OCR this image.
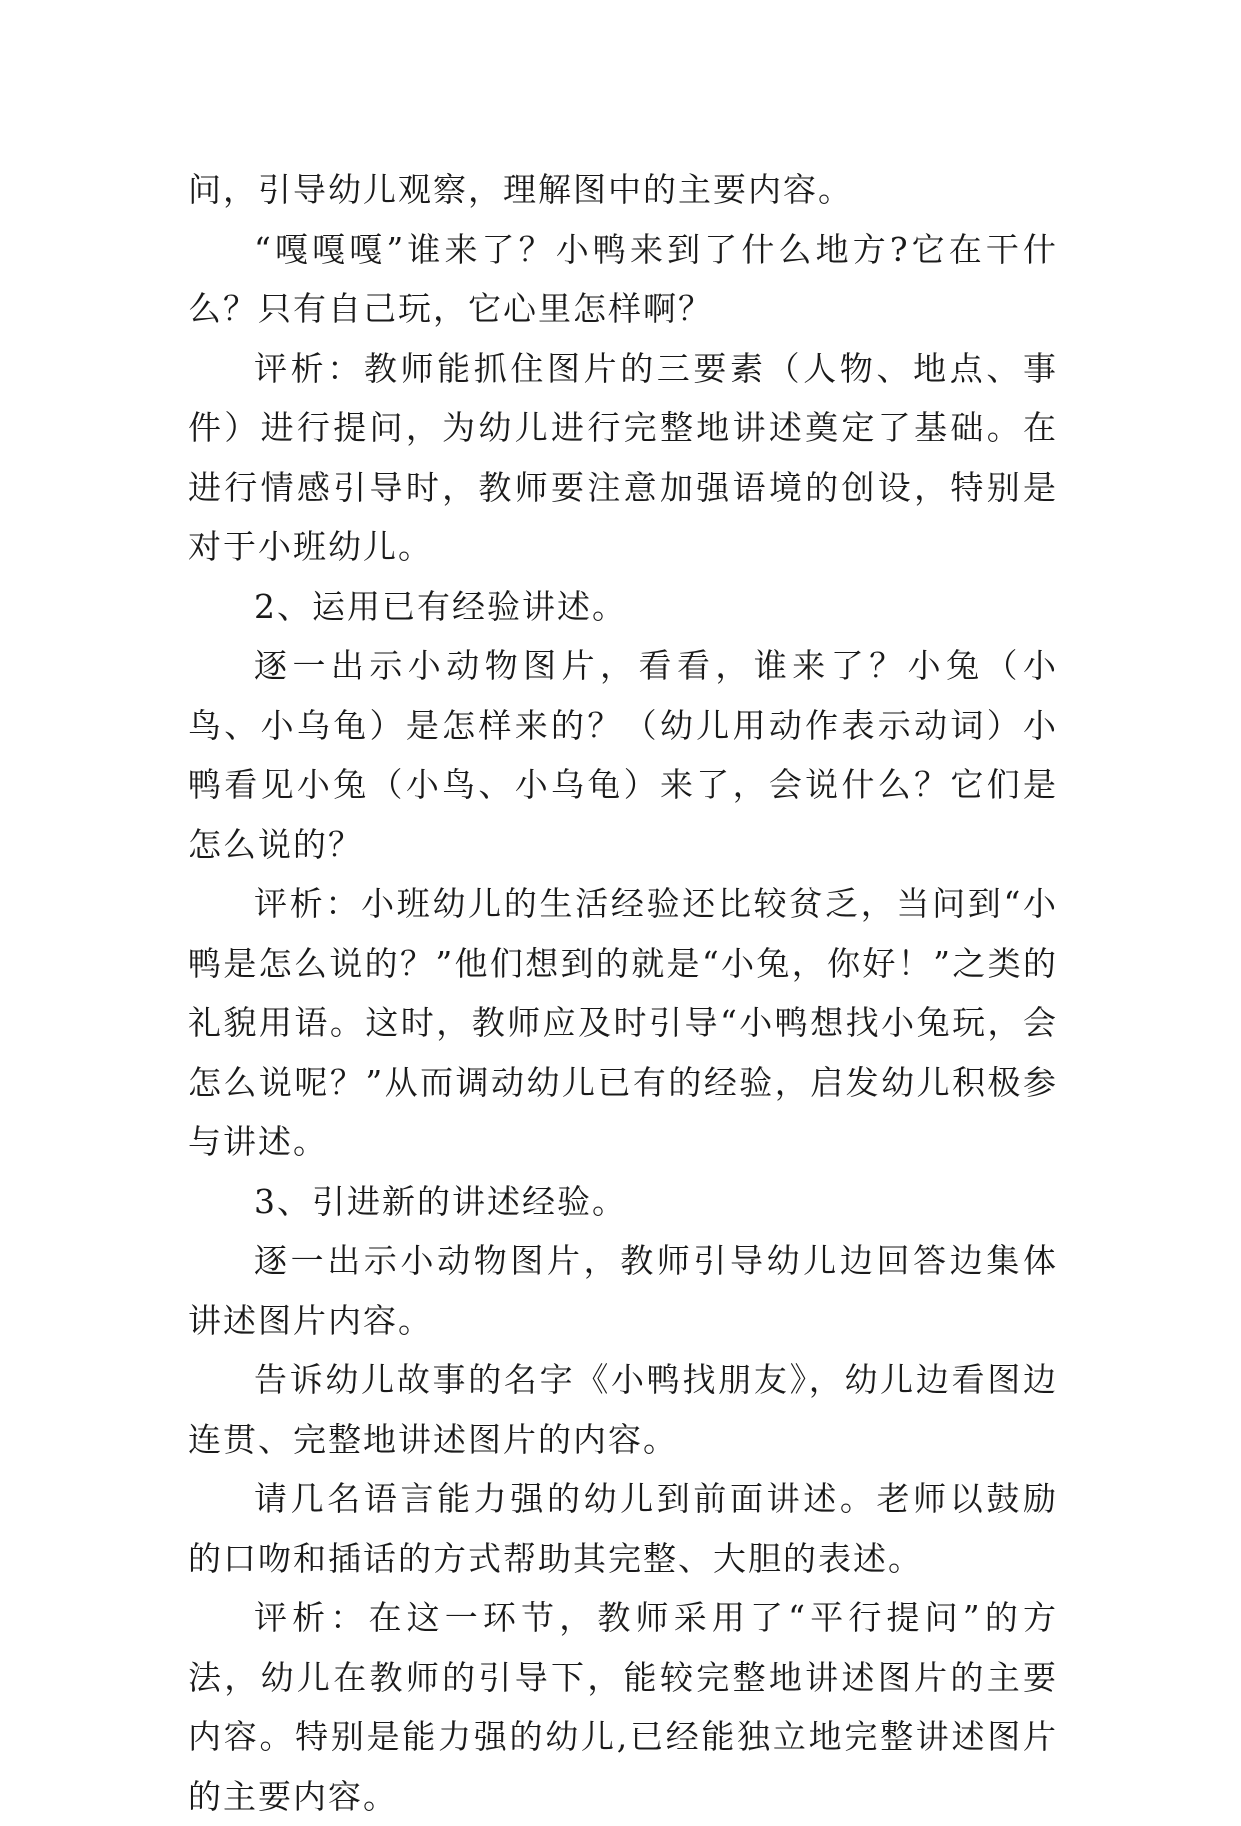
问，引导幼儿观察，理解图中的主要内容。

“嘎嘎嘎”谁来了？小鸭来到了什么地方?它在干什么？只有自己玩，它心里怎样啊？

评析：教师能抓住图片的三要素（人物、地点、事件）进行提问，为幼儿进行完整地讲述奠定了基础。在进行情感引导时，教师要注意加强语境的创设，特别是对于小班幼儿。

2、运用已有经验讲述。

逐一出示小动物图片，看看，谁来了？小兔（小鸟、小乌龟）是怎样来的？（幼儿用动作表示动词）小鸭看见小兔（小鸟、小乌龟）来了，会说什么？它们是怎么说的？

评析：小班幼儿的生活经验还比较贫乏，当问到“小鸭是怎么说的？”他们想到的就是“小兔，你好！”之类的礼貌用语。这时，教师应及时引导“小鸭想找小兔玩，会怎么说呢？”从而调动幼儿已有的经验，启发幼儿积极参与讲述。

3、引进新的讲述经验。

逐一出示小动物图片，教师引导幼儿边回答边集体讲述图片内容。

告诉幼儿故事的名字《小鸭找朋友》，幼儿边看图边连贯、完整地讲述图片的内容。

请几名语言能力强的幼儿到前面讲述。老师以鼓励的口吻和插话的方式帮助其完整、大胆的表述。

评析：在这一环节，教师采用了“平行提问”的方法，幼儿在教师的引导下，能较完整地讲述图片的主要内容。特别是能力强的幼儿,已经能独立地完整讲述图片的主要内容。
